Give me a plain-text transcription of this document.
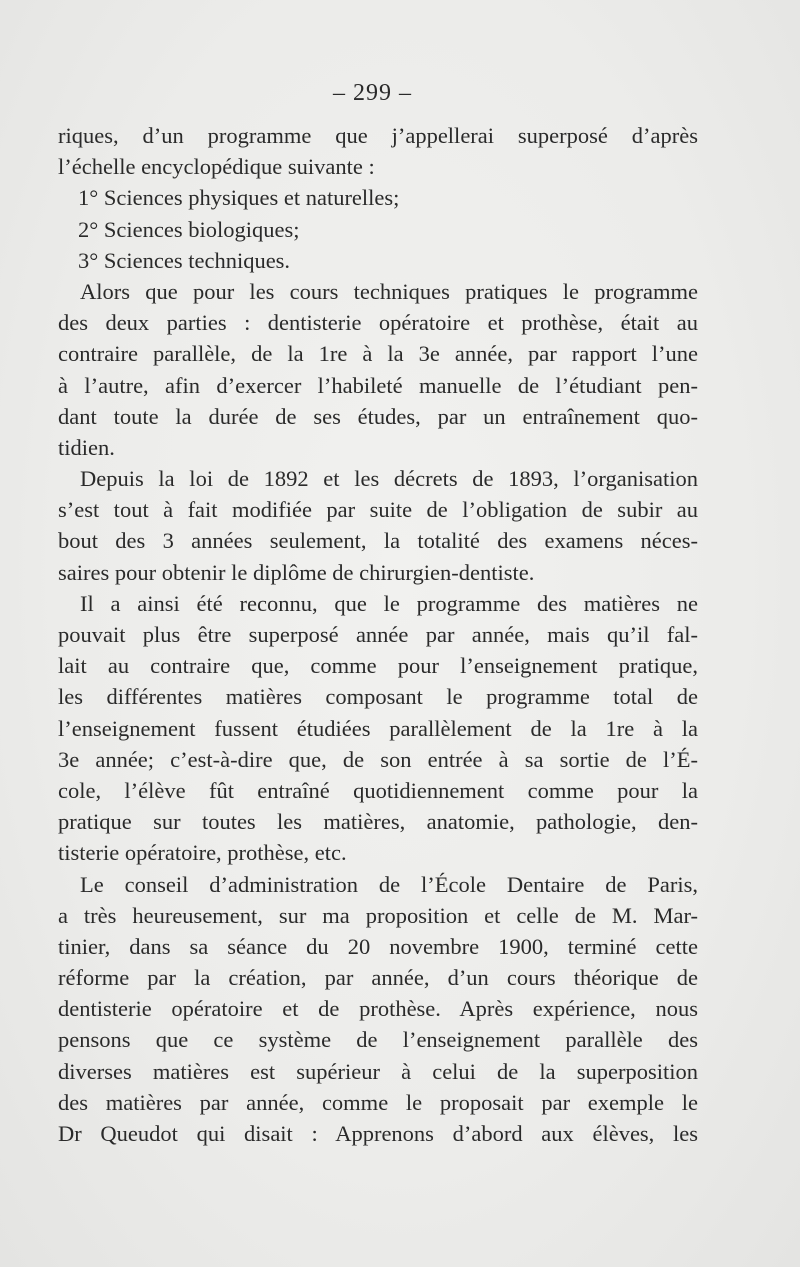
– 299 –
riques, d’un programme que j’appellerai superposé d’après
l’échelle encyclopédique suivante :
1° Sciences physiques et naturelles;
2° Sciences biologiques;
3° Sciences techniques.
Alors que pour les cours techniques pratiques le programme
des deux parties : dentisterie opératoire et prothèse, était au
contraire parallèle, de la 1re à la 3e année, par rapport l’une
à l’autre, afin d’exercer l’habileté manuelle de l’étudiant pen-
dant toute la durée de ses études, par un entraînement quo-
tidien.
Depuis la loi de 1892 et les décrets de 1893, l’organisation
s’est tout à fait modifiée par suite de l’obligation de subir au
bout des 3 années seulement, la totalité des examens néces-
saires pour obtenir le diplôme de chirurgien-dentiste.
Il a ainsi été reconnu, que le programme des matières ne
pouvait plus être superposé année par année, mais qu’il fal-
lait au contraire que, comme pour l’enseignement pratique,
les différentes matières composant le programme total de
l’enseignement fussent étudiées parallèlement de la 1re à la
3e année; c’est-à-dire que, de son entrée à sa sortie de l’É-
cole, l’élève fût entraîné quotidiennement comme pour la
pratique sur toutes les matières, anatomie, pathologie, den-
tisterie opératoire, prothèse, etc.
Le conseil d’administration de l’École Dentaire de Paris,
a très heureusement, sur ma proposition et celle de M. Mar-
tinier, dans sa séance du 20 novembre 1900, terminé cette
réforme par la création, par année, d’un cours théorique de
dentisterie opératoire et de prothèse. Après expérience, nous
pensons que ce système de l’enseignement parallèle des
diverses matières est supérieur à celui de la superposition
des matières par année, comme le proposait par exemple le
Dr Queudot qui disait : Apprenons d’abord aux élèves, les
